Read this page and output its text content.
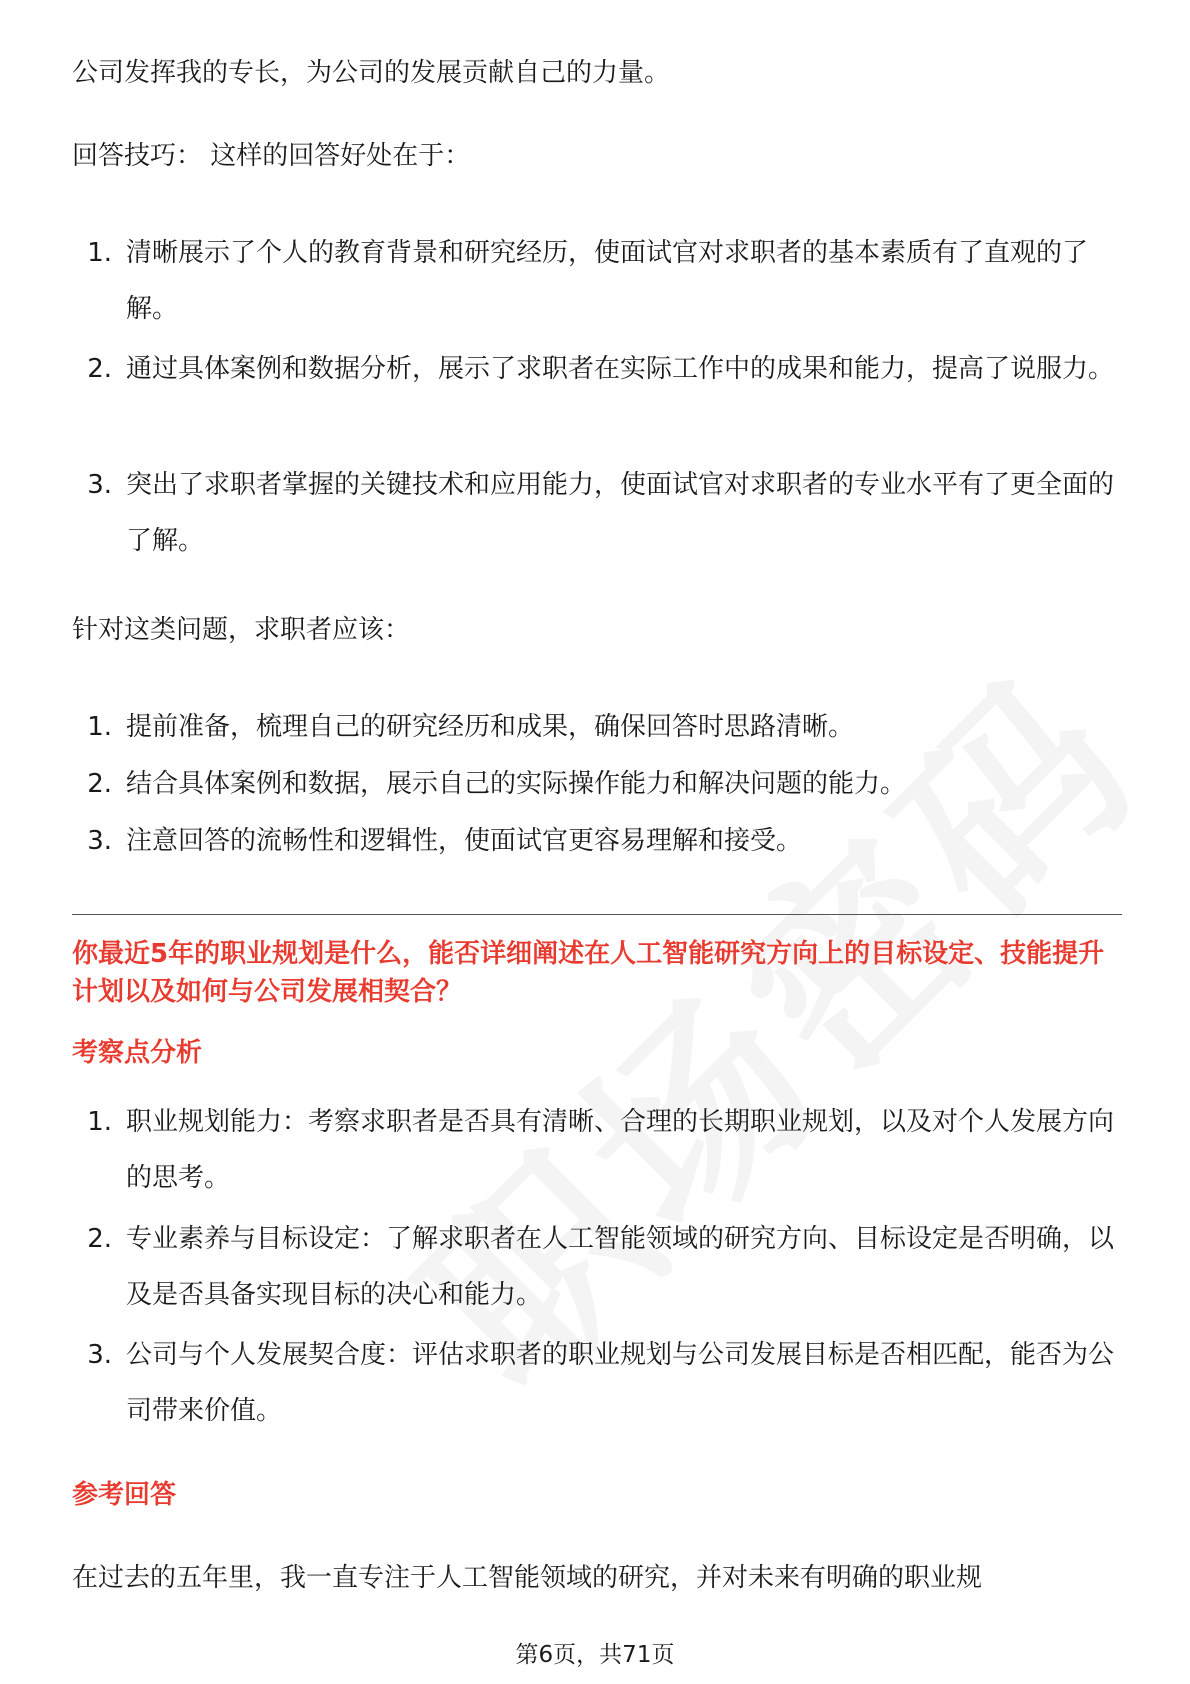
公司发挥我的专长，为公司的发展贡献自己的力量。

回答技巧： 这样的回答好处在于：

1. 清晰展示了个人的教育背景和研究经历，使面试官对求职者的基本素质有了直观的了解。
2. 通过具体案例和数据分析，展示了求职者在实际工作中的成果和能力，提高了说服力。
3. 突出了求职者掌握的关键技术和应用能力，使面试官对求职者的专业水平有了更全面的了解。

针对这类问题，求职者应该：

1. 提前准备，梳理自己的研究经历和成果，确保回答时思路清晰。
2. 结合具体案例和数据，展示自己的实际操作能力和解决问题的能力。
3. 注意回答的流畅性和逻辑性，使面试官更容易理解和接受。

你最近5年的职业规划是什么，能否详细阐述在人工智能研究方向上的目标设定、技能提升计划以及如何与公司发展相契合？

考察点分析

1. 职业规划能力：考察求职者是否具有清晰、合理的长期职业规划，以及对个人发展方向的思考。
2. 专业素养与目标设定：了解求职者在人工智能领域的研究方向、目标设定是否明确，以及是否具备实现目标的决心和能力。
3. 公司与个人发展契合度：评估求职者的职业规划与公司发展目标是否相匹配，能否为公司带来价值。

参考回答

在过去的五年里，我一直专注于人工智能领域的研究，并对未来有明确的职业规

第6页，共71页
